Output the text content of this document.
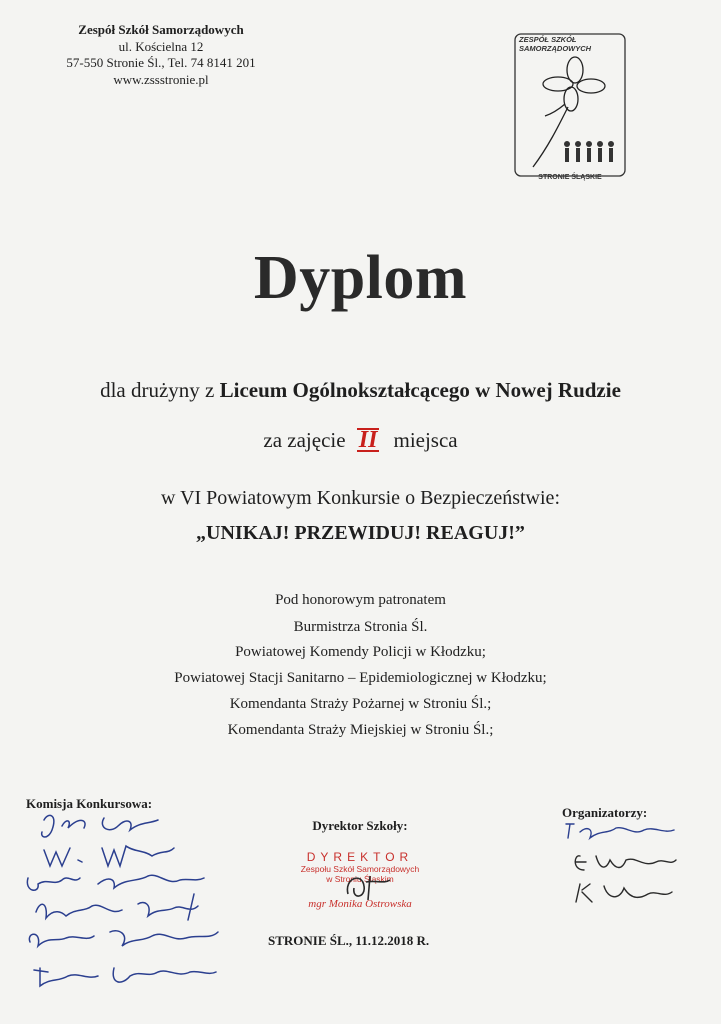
Zespół Szkół Samorządowych
ul. Kościelna 12
57-550 Stronie Śl., Tel. 74 8141 201
www.zssstronie.pl
ZESPÓŁ SZKÓŁ
SAMORZĄDOWYCH
STRONIE ŚLĄSKIE
Dyplom
dla drużyny z Liceum Ogólnokształcącego w Nowej Rudzie
za zajęcie II miejsca
w VI Powiatowym Konkursie o Bezpieczeństwie:
„UNIKAJ! PRZEWIDUJ! REAGUJ!”
Pod honorowym patronatem
Burmistrza Stronia Śl.
Powiatowej Komendy Policji w Kłodzku;
Powiatowej Stacji Sanitarno – Epidemiologicznej w Kłodzku;
Komendanta Straży Pożarnej w Stroniu Śl.;
Komendanta Straży Miejskiej w Stroniu Śl.;
Komisja Konkursowa:
Dyrektor Szkoły:
Organizatorzy:
DYREKTOR
Zespołu Szkół Samorządowych
w Stroniu Śląskim
mgr Monika Ostrowska
STRONIE ŚL., 11.12.2018 R.
